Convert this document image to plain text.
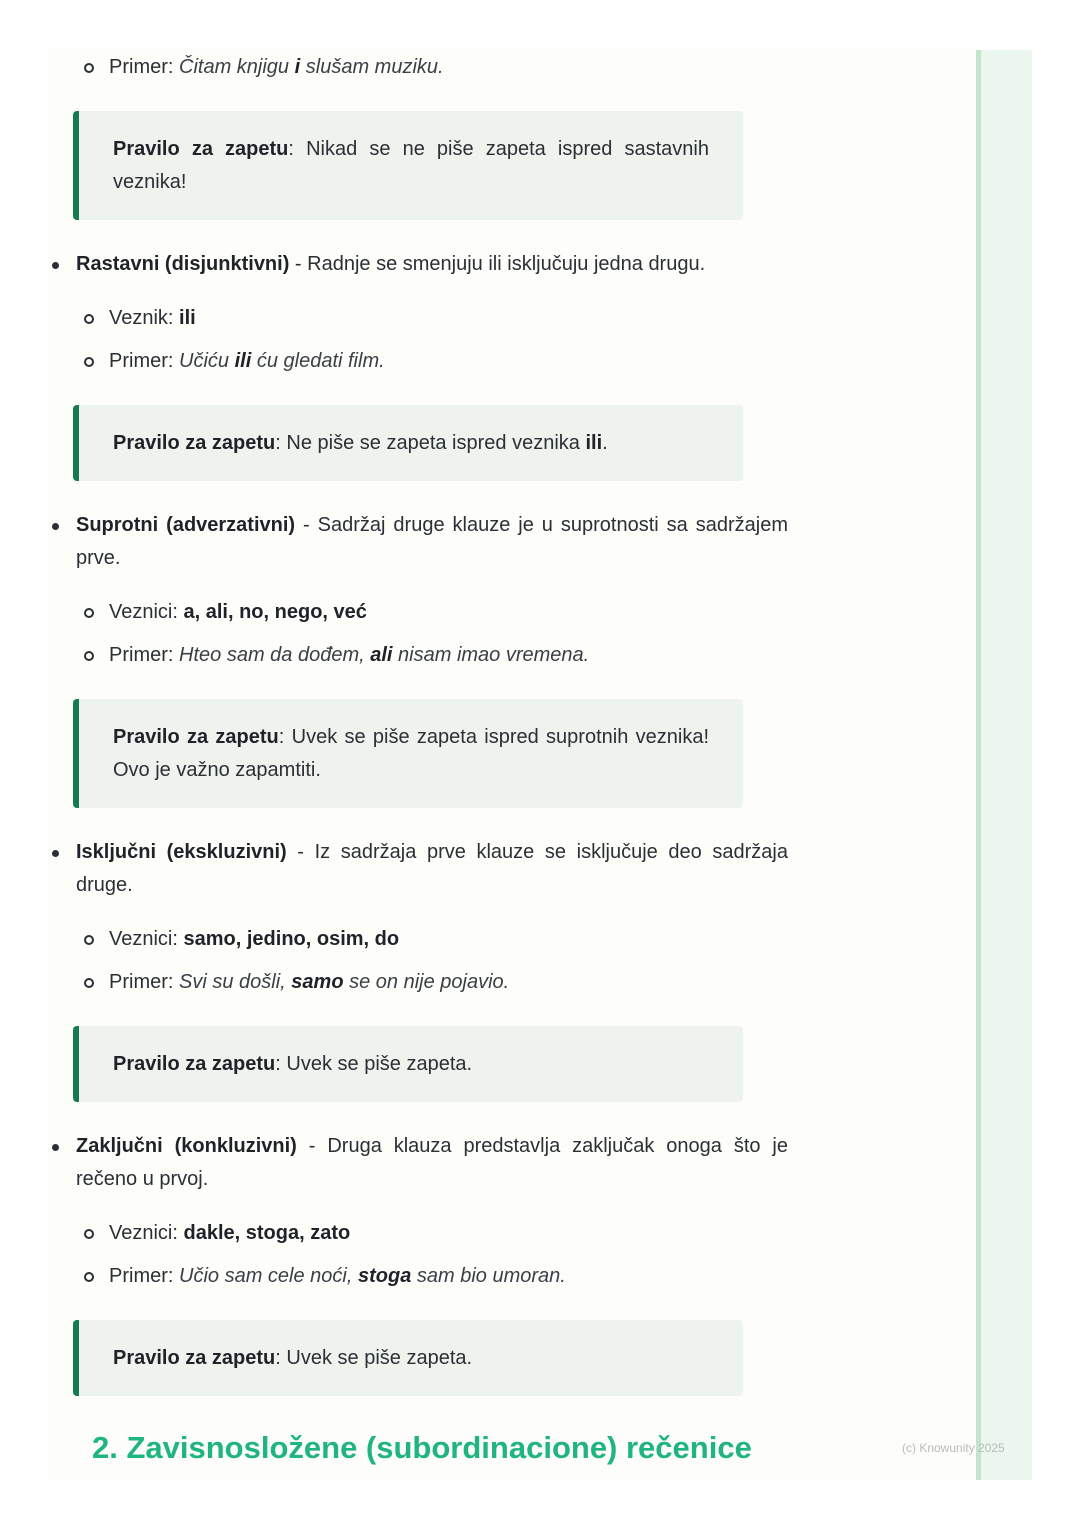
Primer: Čitam knjigu i slušam muziku.
Pravilo za zapetu: Nikad se ne piše zapeta ispred sastavnih veznika!
Rastavni (disjunktivni) - Radnje se smenjuju ili isključuju jedna drugu.
Veznik: ili
Primer: Učiću ili ću gledati film.
Pravilo za zapetu: Ne piše se zapeta ispred veznika ili.
Suprotni (adverzativni) - Sadržaj druge klauze je u suprotnosti sa sadržajem prve.
Veznici: a, ali, no, nego, već
Primer: Hteo sam da dođem, ali nisam imao vremena.
Pravilo za zapetu: Uvek se piše zapeta ispred suprotnih veznika! Ovo je važno zapamtiti.
Isključni (ekskluzivni) - Iz sadržaja prve klauze se isključuje deo sadržaja druge.
Veznici: samo, jedino, osim, do
Primer: Svi su došli, samo se on nije pojavio.
Pravilo za zapetu: Uvek se piše zapeta.
Zaključni (konkluzivni) - Druga klauza predstavlja zaključak onoga što je rečeno u prvoj.
Veznici: dakle, stoga, zato
Primer: Učio sam cele noći, stoga sam bio umoran.
Pravilo za zapetu: Uvek se piše zapeta.
2. Zavisnosložene (subordinacione) rečenice	(c) Knowunity 2025
